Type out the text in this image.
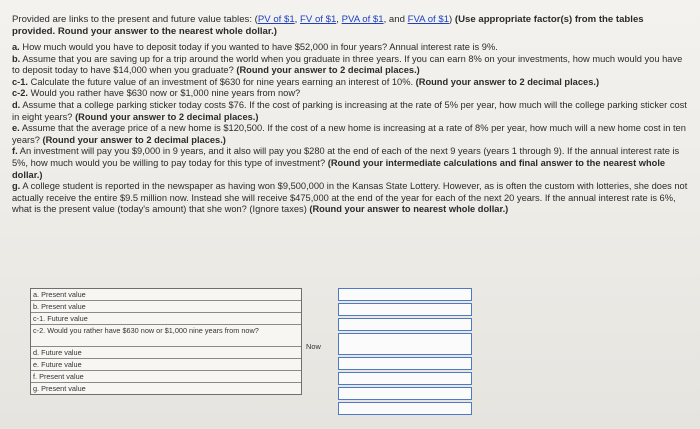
Provided are links to the present and future value tables: (PV of $1, FV of $1, PVA of $1, and FVA of $1) (Use appropriate factor(s) from the tables provided. Round your answer to the nearest whole dollar.)
a. How much would you have to deposit today if you wanted to have $52,000 in four years? Annual interest rate is 9%.
b. Assume that you are saving up for a trip around the world when you graduate in three years. If you can earn 8% on your investments, how much would you have to deposit today to have $14,000 when you graduate? (Round your answer to 2 decimal places.)
c-1. Calculate the future value of an investment of $630 for nine years earning an interest of 10%. (Round your answer to 2 decimal places.)
c-2. Would you rather have $630 now or $1,000 nine years from now?
d. Assume that a college parking sticker today costs $76. If the cost of parking is increasing at the rate of 5% per year, how much will the college parking sticker cost in eight years? (Round your answer to 2 decimal places.)
e. Assume that the average price of a new home is $120,500. If the cost of a new home is increasing at a rate of 8% per year, how much will a new home cost in ten years? (Round your answer to 2 decimal places.)
f. An investment will pay you $9,000 in 9 years, and it also will pay you $280 at the end of each of the next 9 years (years 1 through 9). If the annual interest rate is 5%, how much would you be willing to pay today for this type of investment? (Round your intermediate calculations and final answer to the nearest whole dollar.)
g. A college student is reported in the newspaper as having won $9,500,000 in the Kansas State Lottery. However, as is often the custom with lotteries, she does not actually receive the entire $9.5 million now. Instead she will receive $475,000 at the end of the year for each of the next 20 years. If the annual interest rate is 6%, what is the present value (today's amount) that she won? (Ignore taxes) (Round your answer to nearest whole dollar.)
a. Present value
b. Present value
c-1. Future value
c-2. Would you rather have $630 now or $1,000 nine years from now?
d. Future value
e. Future value
f. Present value
g. Present value
Now
